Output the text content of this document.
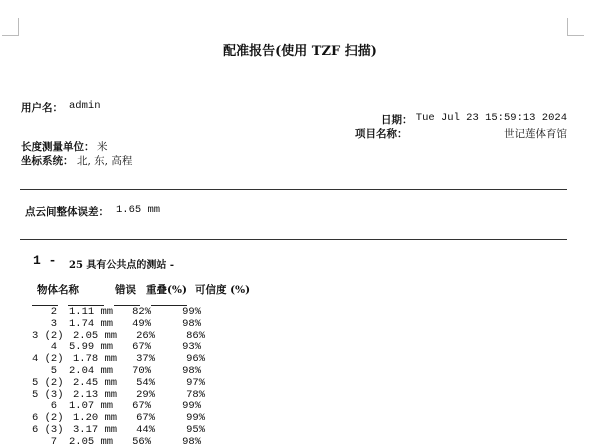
配准报告(使用 TZF 扫描)
用户名： admin
日期： Tue Jul 23 15:59:13 2024
项目名称：	世记莲体育馆
长度测量单位： 米
坐标系统： 北, 东, 高程
点云间整体误差： 1.65 mm
1 - 25 具有公共点的测站 -
物体名称	错误 重叠(%) 可信度 (%)
2 1.11 mm 82%	99%
3 1.74 mm 49%	98%
3 (2) 2.05 mm 26%	86%
4 5.99 mm 67%	93%
4 (2) 1.78 mm 37%	96%
5 2.04 mm 70%	98%
5 (2) 2.45 mm 54%	97%
5 (3) 2.13 mm 29%	78%
6 1.07 mm 67%	99%
6 (2) 1.20 mm 67%	99%
6 (3) 3.17 mm 44%	95%
7 2.05 mm 56%	98%
